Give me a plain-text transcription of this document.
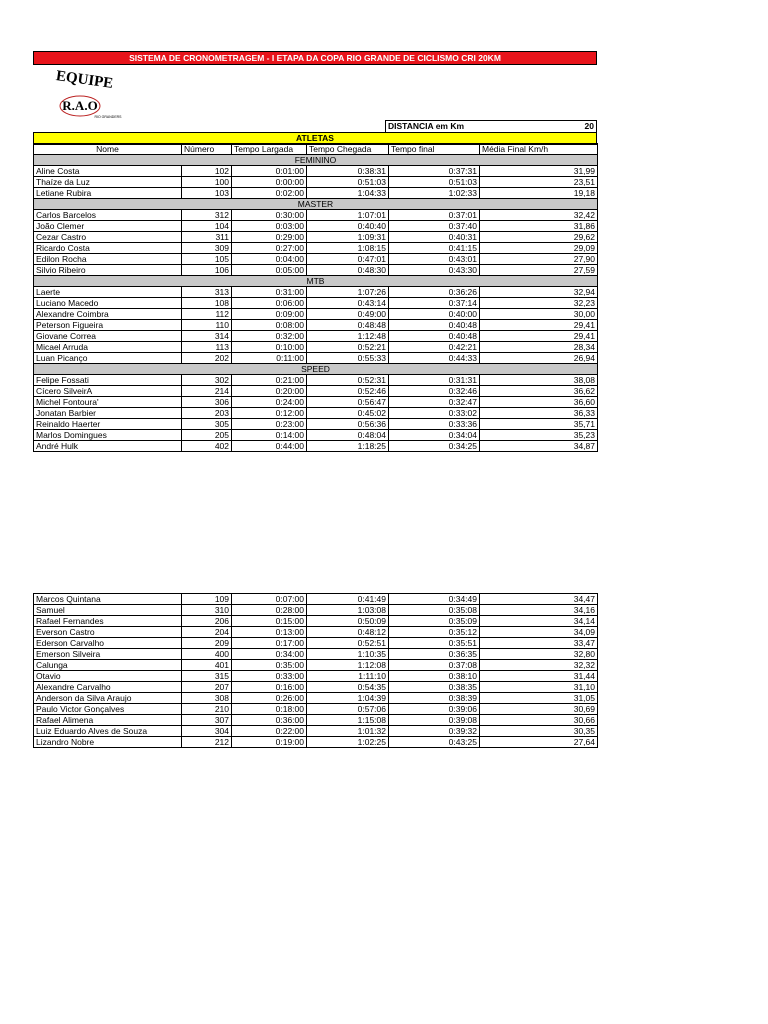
SISTEMA DE CRONOMETRAGEM - I ETAPA DA COPA RIO GRANDE DE CICLISMO CRI 20KM
EQUIPE
R.A.O
RIO GRANDERS
DISTANCIA em Km	20
ATLETAS
Nome	Número	Tempo Largada	Tempo Chegada	Tempo final	Média Final Km/h
FEMININO					
Aline Costa	102	0:01:00	0:38:31	0:37:31	31,99
Thaíze da Luz	100	0:00:00	0:51:03	0:51:03	23,51
Letiane Rubira	103	0:02:00	1:04:33	1:02:33	19,18
MASTER					
Carlos Barcelos	312	0:30:00	1:07:01	0:37:01	32,42
João Clemer	104	0:03:00	0:40:40	0:37:40	31,86
Cezar Castro	311	0:29:00	1:09:31	0:40:31	29,62
Ricardo Costa	309	0:27:00	1:08:15	0:41:15	29,09
Edilon Rocha	105	0:04:00	0:47:01	0:43:01	27,90
Silvio Ribeiro	106	0:05:00	0:48:30	0:43:30	27,59
MTB					
Laerte	313	0:31:00	1:07:26	0:36:26	32,94
Luciano Macedo	108	0:06:00	0:43:14	0:37:14	32,23
Alexandre Coimbra	112	0:09:00	0:49:00	0:40:00	30,00
Peterson Figueira	110	0:08:00	0:48:48	0:40:48	29,41
Giovane Correa	314	0:32:00	1:12:48	0:40:48	29,41
Micael Arruda	113	0:10:00	0:52:21	0:42:21	28,34
Luan Picanço	202	0:11:00	0:55:33	0:44:33	26,94
SPEED					
Felipe Fossati	302	0:21:00	0:52:31	0:31:31	38,08
Cícero SilveirA	214	0:20:00	0:52:46	0:32:46	36,62
Michel Fontoura'	306	0:24:00	0:56:47	0:32:47	36,60
Jonatan Barbier	203	0:12:00	0:45:02	0:33:02	36,33
Reinaldo Haerter	305	0:23:00	0:56:36	0:33:36	35,71
Marlos Domingues	205	0:14:00	0:48:04	0:34:04	35,23
André Hulk	402	0:44:00	1:18:25	0:34:25	34,87
Marcos Quintana	109	0:07:00	0:41:49	0:34:49	34,47
Samuel	310	0:28:00	1:03:08	0:35:08	34,16
Rafael Fernandes	206	0:15:00	0:50:09	0:35:09	34,14
Everson Castro	204	0:13:00	0:48:12	0:35:12	34,09
Ederson Carvalho	209	0:17:00	0:52:51	0:35:51	33,47
Emerson Silveira	400	0:34:00	1:10:35	0:36:35	32,80
Calunga	401	0:35:00	1:12:08	0:37:08	32,32
Otavio	315	0:33:00	1:11:10	0:38:10	31,44
Alexandre Carvalho	207	0:16:00	0:54:35	0:38:35	31,10
Anderson da Silva Araujo	308	0:26:00	1:04:39	0:38:39	31,05
Paulo Victor Gonçalves	210	0:18:00	0:57:06	0:39:06	30,69
Rafael Alimena	307	0:36:00	1:15:08	0:39:08	30,66
Luiz Eduardo Alves de Souza	304	0:22:00	1:01:32	0:39:32	30,35
Lizandro Nobre	212	0:19:00	1:02:25	0:43:25	27,64
